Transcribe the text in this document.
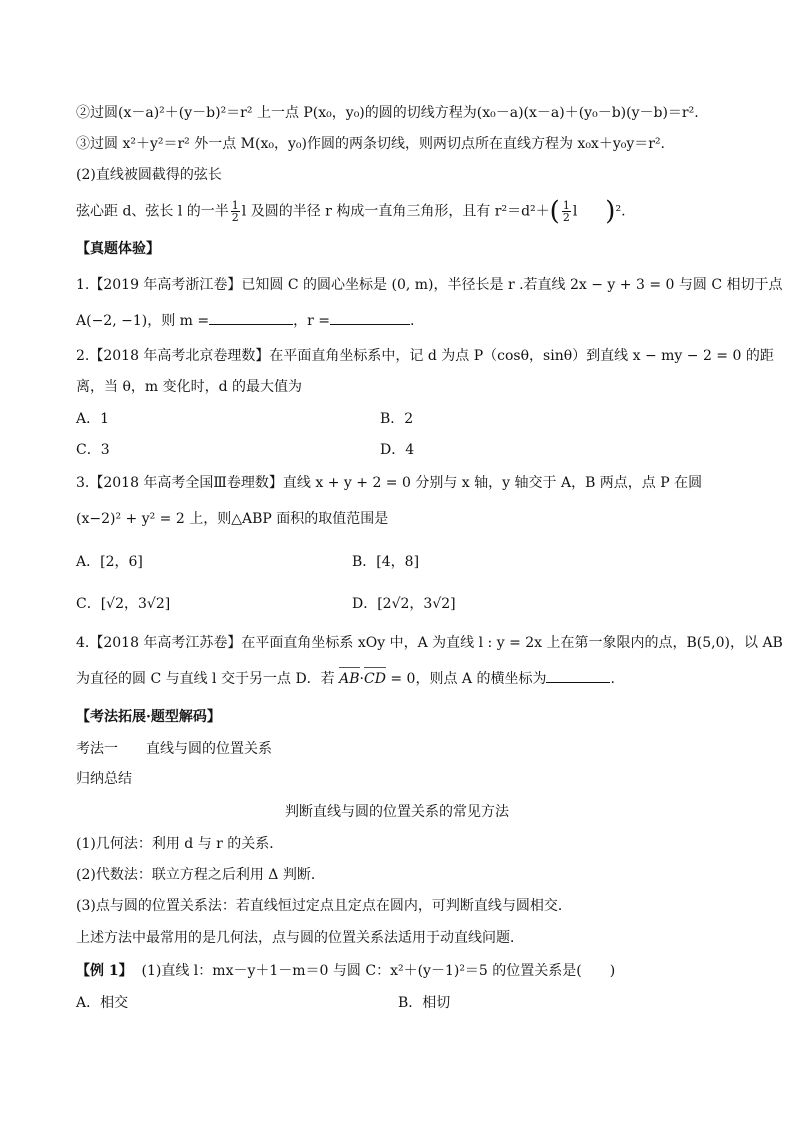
②过圆(x－a)²＋(y－b)²＝r² 上一点 P(x₀，y₀)的圆的切线方程为(x₀－a)(x－a)＋(y₀－b)(y－b)＝r².
③过圆 x²＋y²＝r² 外一点 M(x₀，y₀)作圆的两条切线，则两切点所在直线方程为 x₀x＋y₀y＝r².
(2)直线被圆截得的弦长
弦心距 d、弦长 l 的一半 $\frac{1}{2}$ l 及圆的半径 r 构成一直角三角形，且有 $r^2=d^2+( \frac{1}{2}$ l   )².
【真题体验】
1.【2019 年高考浙江卷】已知圆 C 的圆心坐标是 (0, m)，半径长是 r .若直线 2x − y + 3 = 0 与圆 C 相切于点
A(−2, −1)，则 m =	，r =	.
2.【2018 年高考北京卷理数】在平面直角坐标系中，记 d 为点 P（cosθ，sinθ）到直线 x − my − 2 = 0 的距
离，当 θ，m 变化时，d 的最大值为
A．1	B．2
C．3	D．4
3.【2018 年高考全国Ⅲ卷理数】直线 x + y + 2 = 0 分别与 x 轴，y 轴交于 A，B 两点，点 P 在圆
(x−2)² + y² = 2 上，则△ABP 面积的取值范围是
A．[2，6]	B．[4，8]
C．[√2，3√2]	D．[2√2，3√2]
4.【2018 年高考江苏卷】在平面直角坐标系 xOy 中，A 为直线 l : y = 2x 上在第一象限内的点，B(5,0)，以 AB
为直径的圆 C 与直线 l 交于另一点 D．若 AB·CD = 0，则点 A 的横坐标为	.
【考法拓展·题型解码】
考法一　　直线与圆的位置关系
归纳总结
判断直线与圆的位置关系的常见方法
(1)几何法：利用 d 与 r 的关系．
(2)代数法：联立方程之后利用 Δ 判断．
(3)点与圆的位置关系法：若直线恒过定点且定点在圆内，可判断直线与圆相交．
上述方法中最常用的是几何法，点与圆的位置关系法适用于动直线问题．
【例 1】 (1)直线 l：mx－y＋1－m＝0 与圆 C：x²＋(y－1)²＝5 的位置关系是(　　)
A．相交	B．相切
